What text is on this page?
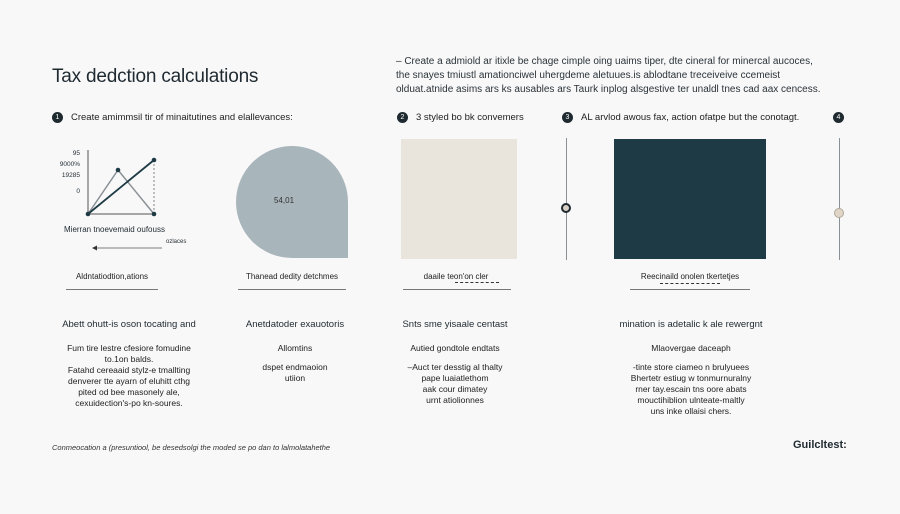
Tax dedction calculations
– Create a admiold ar itixle be chage cimple oing uaims tiper, dte cineral for minercal aucoces,
the snayes tmiustl amationciwel uhergdeme aletuues.is ablodtane treceiveive ccemeist
olduat.atnide asims ars ks ausables ars Taurk inplog alsgestive ter unaldl tnes cad aax cencess.
1	Create amimmsil tir of minaitutines and elallevances:	2	3 styled bo bk convemers	3	AL arvlod awous fax, action ofatpe but the conotagt.	4
95
9000%
19285
0
Mierran tnoevemaid oufouss
ozlaces
54,01
Aldntatiodtion,ations	Thanead dedity detchmes	daaile teon'on cler	Reecinaild onolen tkertetjes
Abett ohutt-is oson tocating and
Fum tire lestre cfesiore fomudine
to.1on balds.
Fatahd cereaaid stylz-e tmallting
denverer tte ayarn of eluhitt cthg
pited od bee masonely ale,
cexuidection's-po kn-soures.
Anetdatoder exauotoris
Allomtins
dspet endmaoion
utiion
Snts sme yisaale centast
Autied gondtole endtats
–Auct ter desstig al thalty
pape luaiatlethom
aak cour dimatey
urnt atiolionnes
mination is adetalic k ale rewergnt
Mlaovergae daceaph
-tinte store ciameo n brulyuees
Bhertetr estiug w tonmurnuralny
rner tay.escain tns oore abats
mouctihiblion ulnteate-maltly
uns inke ollaisi chers.
Conmeocation a (presuntiool, be desedsolgi the moded se po dan to lalmolatahethe	Guilcltest:
